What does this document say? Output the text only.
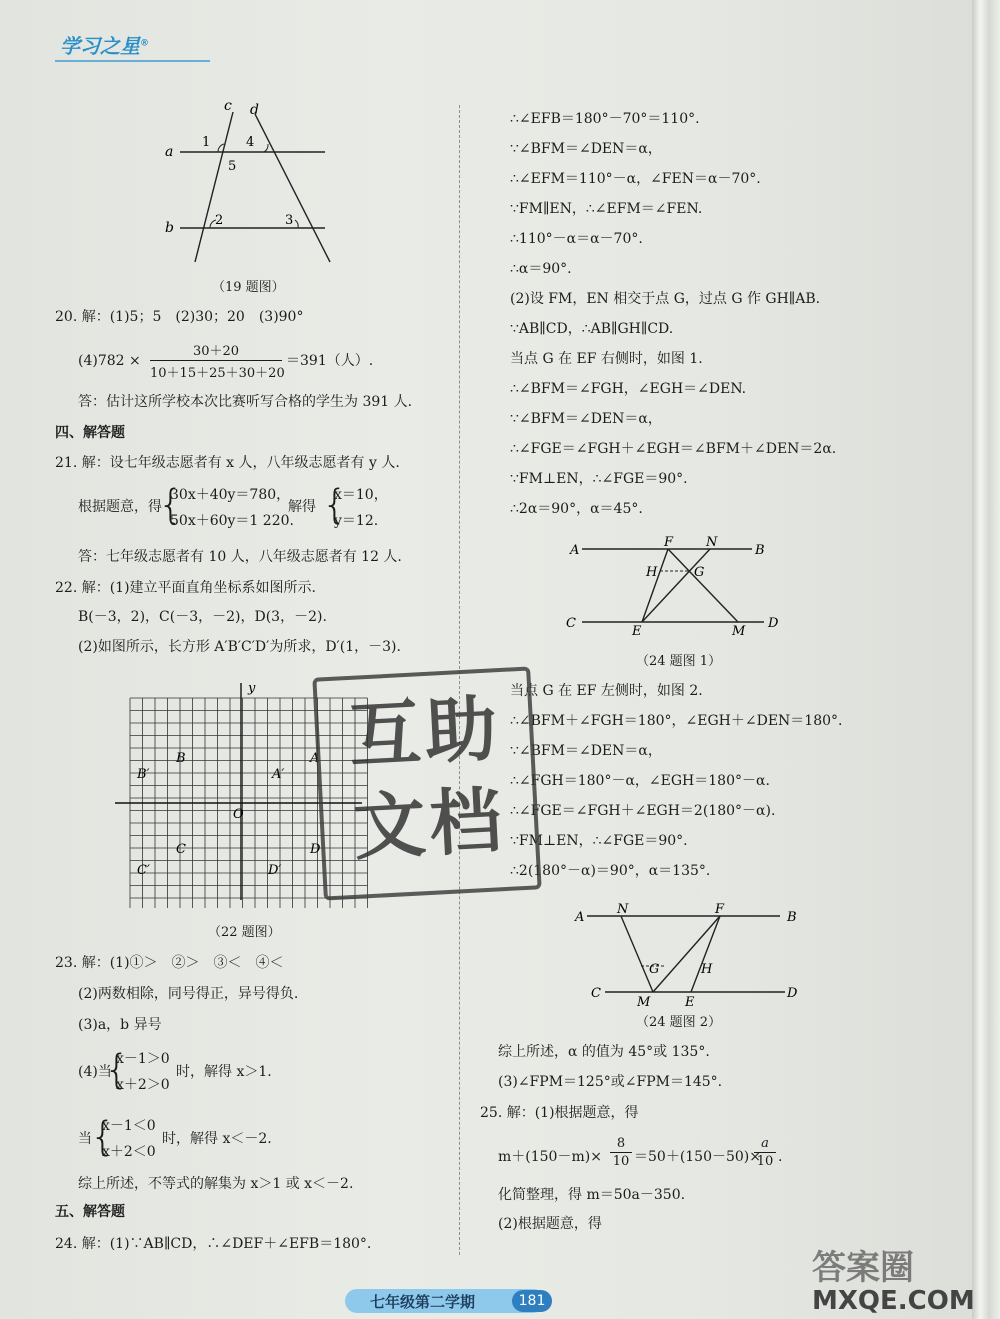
学习之星®
c d
a
b
1	4
5
2	3
（19 题图）
20. 解：(1)5；5　(2)30；20　(3)90°
$(4)782 \times \frac{30+20}{10+15+25+30+20} =391$（人）.
答：估计这所学校本次比赛听写合格的学生为 391 人.
四、解答题
21. 解：设七年级志愿者有 x 人，八年级志愿者有 y 人.
根据题意，得
{
30x＋40y＝780，
50x＋60y＝1 220.
解得 {
x＝10，
y＝12.
答：七年级志愿者有 10 人，八年级志愿者有 12 人.
22. 解：(1)建立平面直角坐标系如图所示.
B(－3，2)，C(－3，－2)，D(3，－2).
(2)如图所示，长方形 A′B′C′D′为所求，D′(1，－3).
y
B	A
B′	A′
O
C	D
C′	D′
（22 题图）
23. 解：(1)①＞　②＞　③＜　④＜
(2)两数相除，同号得正，异号得负.
(3)a，b 异号
(4)当
{
x－1＞0
x＋2＞0
时，解得 x＞1.
当
{
x－1＜0
x＋2＜0
时，解得 x＜－2.
综上所述，不等式的解集为 x＞1 或 x＜－2.
五、解答题
24. 解：(1)∵AB∥CD，∴∠DEF＋∠EFB＝180°.
∴∠EFB＝180°－70°＝110°.
∵∠BFM＝∠DEN＝α，
∴∠EFM＝110°－α，∠FEN＝α－70°.
∵FM∥EN，∴∠EFM＝∠FEN.
∴110°－α＝α－70°.
∴α＝90°.
(2)设 FM，EN 相交于点 G，过点 G 作 GH∥AB.
∵AB∥CD，∴AB∥GH∥CD.
当点 G 在 EF 右侧时，如图 1.
∴∠BFM＝∠FGH，∠EGH＝∠DEN.
∵∠BFM＝∠DEN＝α，
∴∠FGE＝∠FGH＋∠EGH＝∠BFM＋∠DEN＝2α.
∵FM⊥EN，∴∠FGE＝90°.
∴2α＝90°，α＝45°.
A
F	N
B
H	G
C
E	M
D
（24 题图 1）
当点 G 在 EF 左侧时，如图 2.
∴∠BFM＋∠FGH＝180°，∠EGH＋∠DEN＝180°.
∵∠BFM＝∠DEN＝α，
∴∠FGH＝180°－α，∠EGH＝180°－α.
∴∠FGE＝∠FGH＋∠EGH＝2(180°－α).
∵FM⊥EN，∴∠FGE＝90°.
∴2(180°－α)＝90°，α＝135°.
A
N	F
B
G	H
C
M	E
D
（24 题图 2）
综上所述，α 的值为 45°或 135°.
(3)∠FPM＝125°或∠FPM＝145°.
25. 解：(1)根据题意，得
$m+(150-m)\times \frac{8}{10} =50+(150-50)\times$
$\frac{a}{10}$ .
化简整理，得 m＝50a－350.
(2)根据题意，得
互助
文档
七年级第二学期	181
答案圈
MXQE.COM
